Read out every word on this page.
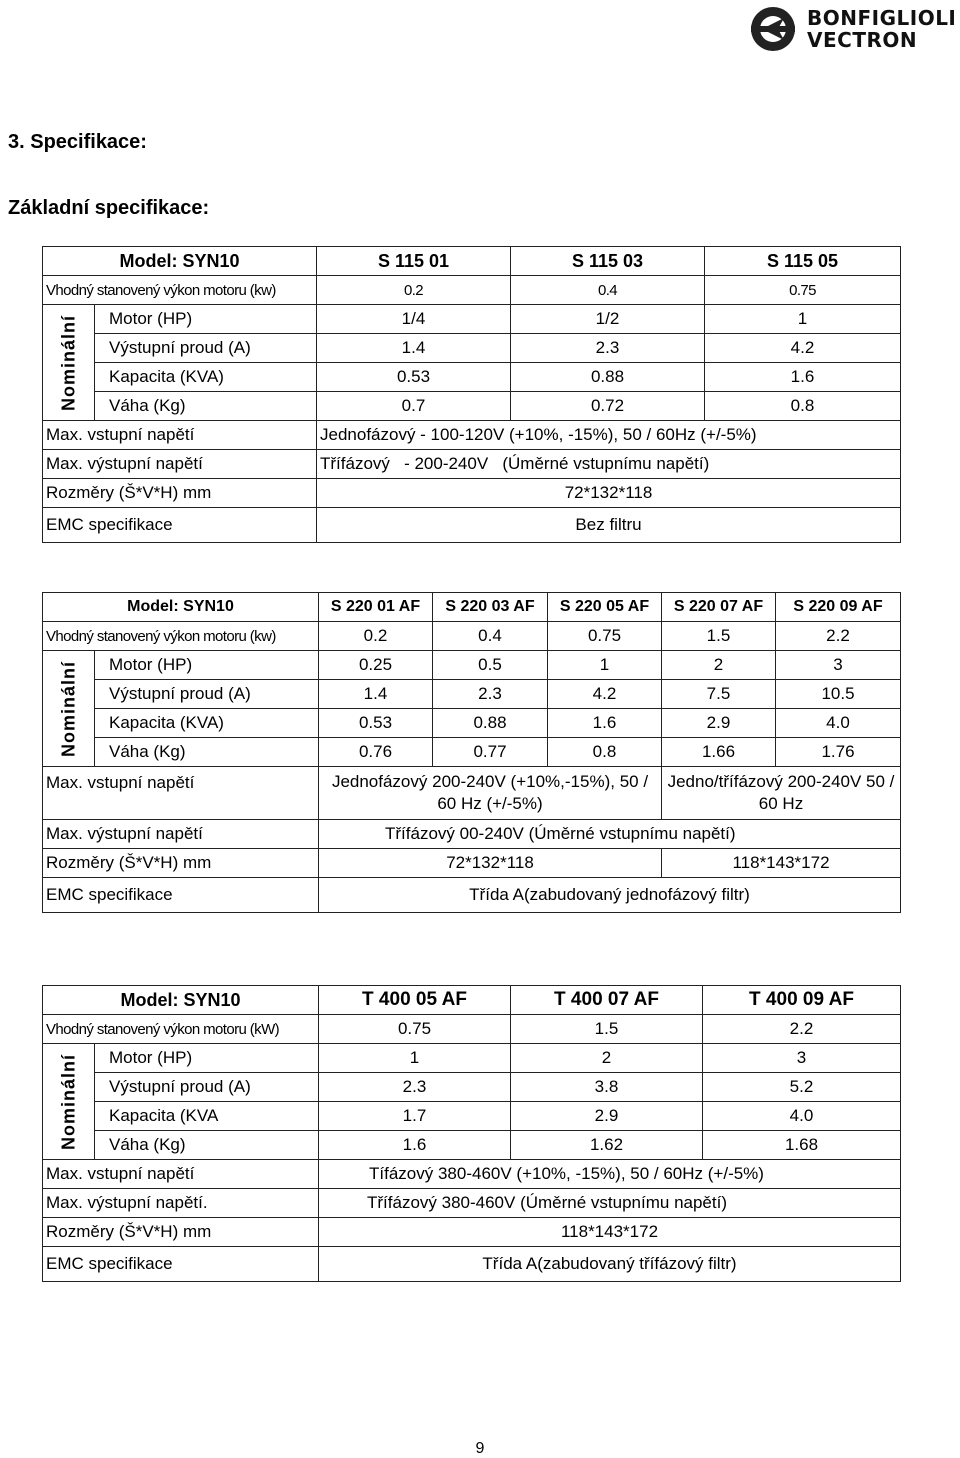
BONFIGLIOLI
VECTRON
3. Specifikace:
Základní specifikace:
Model: SYN10		S 115 01	S 115 03	S 115 05
Vhodný stanovený výkon motoru (kw)		0.2	0.4	0.75

Nominální	Motor (HP)	1/4	1/2	1
	Výstupní proud (A)	1.4	2.3	4.2
	Kapacita (KVA)	0.53	0.88	1.6
	Váha (Kg)	0.7	0.72	0.8
Max. vstupní napětí		Jednofázový - 100-120V (+10%, -15%), 50 / 60Hz (+/-5%)		
Max. výstupní napětí		Třífázový   - 200-240V   (Úměrné vstupnímu napětí)		
Rozměry (Š*V*H) mm		72*132*118		
EMC specifikace		Bez filtru		
Model: SYN10		S 220 01 AF	S 220 03 AF	S 220 05 AF	S 220 07 AF	S 220 09 AF
Vhodný stanovený výkon motoru (kw)		0.2	0.4	0.75	1.5	2.2

Nominální	Motor (HP)	0.25	0.5	1	2	3
	Výstupní proud (A)	1.4	2.3	4.2	7.5	10.5
	Kapacita (KVA)	0.53	0.88	1.6	2.9	4.0
	Váha (Kg)	0.76	0.77	0.8	1.66	1.76
Max. vstupní napětí		Jednofázový 200-240V (+10%,-15%), 50 / 60 Hz (+/-5%)			Jedno/třífázový 200-240V 50 / 60 Hz	
Max. výstupní napětí		Třífázový 00-240V (Úměrné vstupnímu napětí)				
Rozměry (Š*V*H) mm		72*132*118			118*143*172	
EMC specifikace		Třída A(zabudovaný jednofázový filtr)				
Model: SYN10		T 400 05 AF	T 400 07 AF	T 400 09 AF
Vhodný stanovený výkon motoru (kW)		0.75	1.5	2.2

Nominální	Motor (HP)	1	2	3
	Výstupní proud (A)	2.3	3.8	5.2
	Kapacita (KVA	1.7	2.9	4.0
	Váha (Kg)	1.6	1.62	1.68
Max. vstupní napětí		Tífázový 380-460V (+10%, -15%), 50 / 60Hz (+/-5%)		
Max. výstupní napětí.		Třífázový 380-460V (Úměrné vstupnímu napětí)		
Rozměry (Š*V*H) mm		118*143*172		
EMC specifikace		Třída A(zabudovaný třífázový filtr)		
9
